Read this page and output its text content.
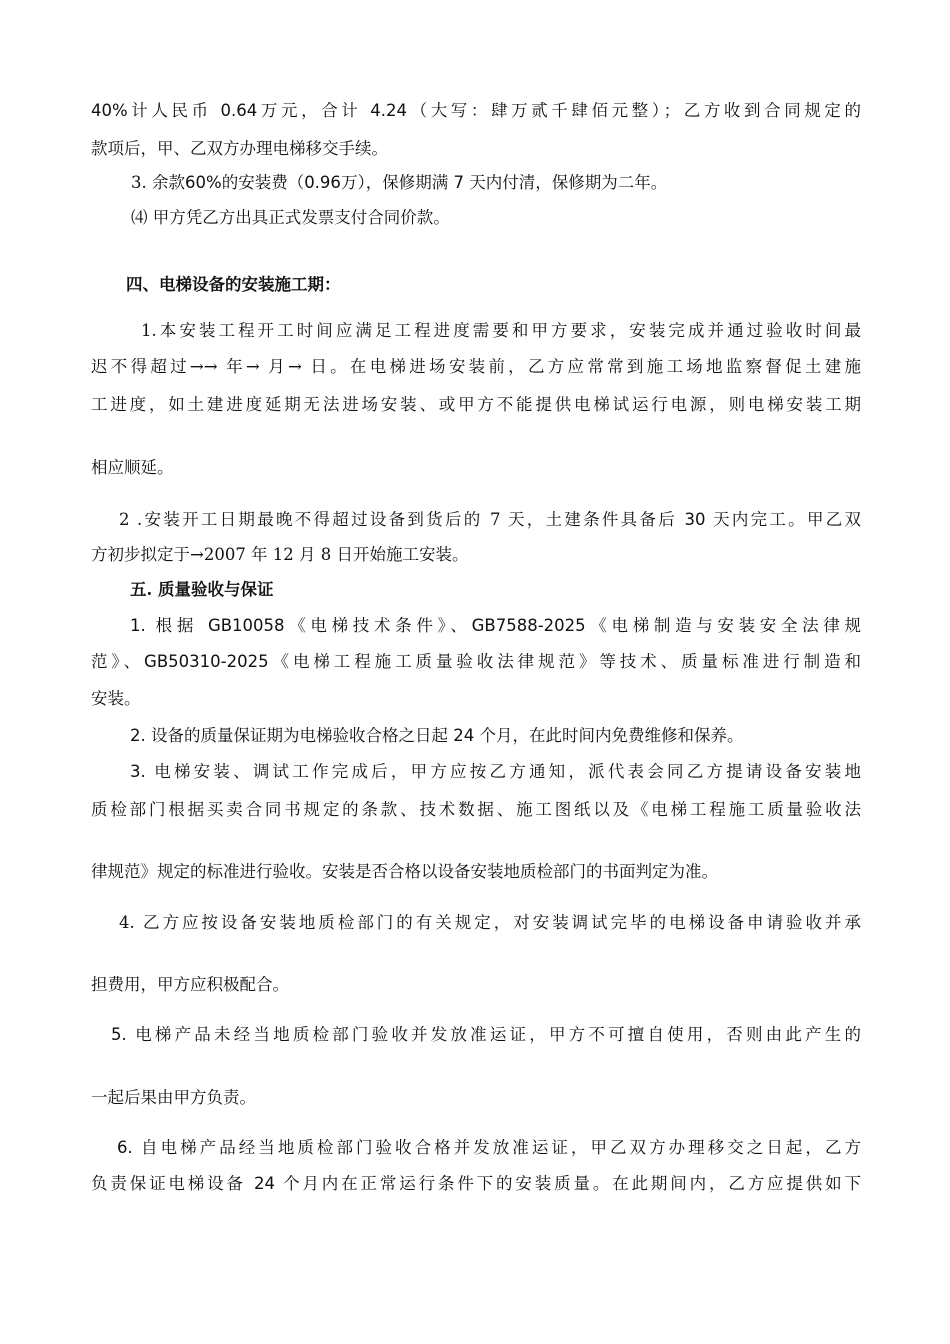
40%计人民币 0.64万元，合计 4.24（大写：肆万贰千肆佰元整）；乙方收到合同规定的
款项后，甲、乙双方办理电梯移交手续。
3. 余款60%的安装费（0.96万），保修期满 7 天内付清，保修期为二年。
⑷ 甲方凭乙方出具正式发票支付合同价款。
四、电梯设备的安装施工期：
1.本安装工程开工时间应满足工程进度需要和甲方要求，安装完成并通过验收时间最
迟不得超过→→ 年→ 月→ 日。在电梯进场安装前，乙方应常常到施工场地监察督促土建施
工进度，如土建进度延期无法进场安装、或甲方不能提供电梯试运行电源，则电梯安装工期
相应顺延。
2 .安装开工日期最晚不得超过设备到货后的 7 天，土建条件具备后 30 天内完工。甲乙双
方初步拟定于→2007 年 12 月 8 日开始施工安装。
五. 质量验收与保证
1. 根据 GB10058《电梯技术条件》、GB7588-2025《电梯制造与安装安全法律规
范》、GB50310-2025《电梯工程施工质量验收法律规范》等技术、质量标准进行制造和
安装。
2. 设备的质量保证期为电梯验收合格之日起 24 个月，在此时间内免费维修和保养。
3. 电梯安装、调试工作完成后，甲方应按乙方通知，派代表会同乙方提请设备安装地
质检部门根据买卖合同书规定的条款、技术数据、施工图纸以及《电梯工程施工质量验收法
律规范》规定的标准进行验收。安装是否合格以设备安装地质检部门的书面判定为准。
4. 乙方应按设备安装地质检部门的有关规定，对安装调试完毕的电梯设备申请验收并承
担费用，甲方应积极配合。
5. 电梯产品未经当地质检部门验收并发放准运证，甲方不可擅自使用，否则由此产生的
一起后果由甲方负责。
6. 自电梯产品经当地质检部门验收合格并发放准运证，甲乙双方办理移交之日起，乙方
负责保证电梯设备 24 个月内在正常运行条件下的安装质量。在此期间内，乙方应提供如下
